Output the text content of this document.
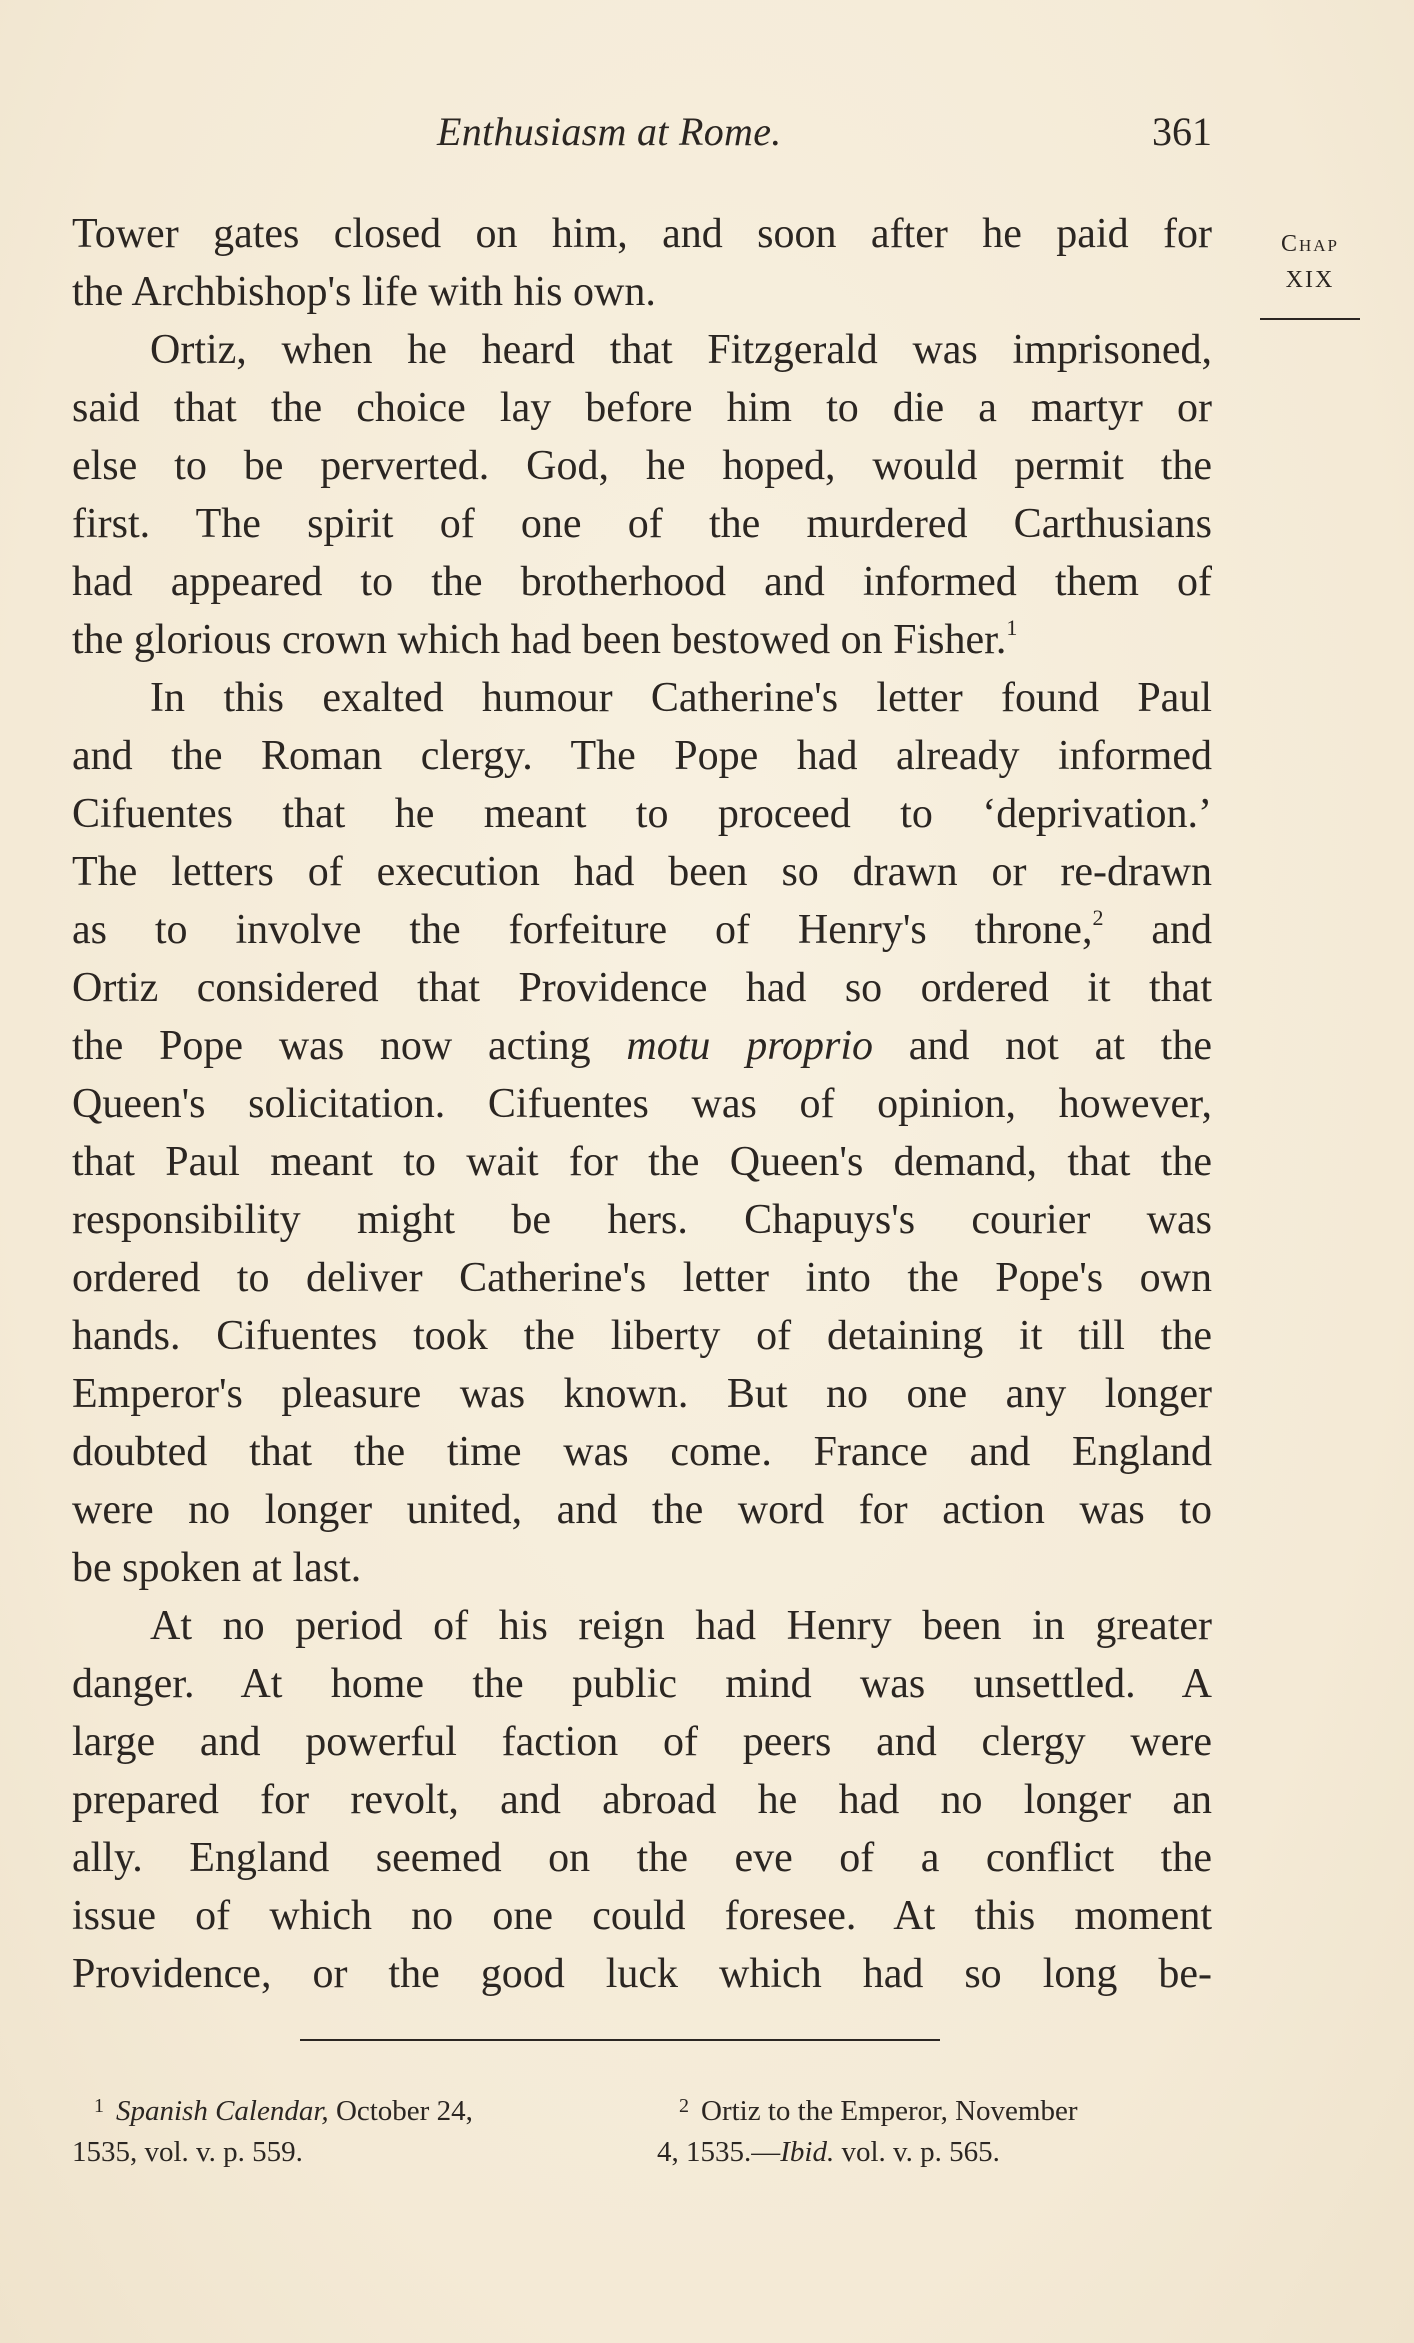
Enthusiasm at Rome.	361
Chap
XIX
Tower gates closed on him, and soon after he paid for
the Archbishop's life with his own.
Ortiz, when he heard that Fitzgerald was imprisoned,
said that the choice lay before him to die a martyr or
else to be perverted. God, he hoped, would permit the
first. The spirit of one of the murdered Carthusians
had appeared to the brotherhood and informed them of
the glorious crown which had been bestowed on Fisher.$^1$
In this exalted humour Catherine's letter found Paul
and the Roman clergy. The Pope had already informed
Cifuentes that he meant to proceed to ‘deprivation.’
The letters of execution had been so drawn or re-drawn
as to involve the forfeiture of Henry's throne,$^2$ and
Ortiz considered that Providence had so ordered it that
the Pope was now acting motu proprio and not at the
Queen's solicitation. Cifuentes was of opinion, however,
that Paul meant to wait for the Queen's demand, that the
responsibility might be hers. Chapuys's courier was
ordered to deliver Catherine's letter into the Pope's own
hands. Cifuentes took the liberty of detaining it till the
Emperor's pleasure was known. But no one any longer
doubted that the time was come. France and England
were no longer united, and the word for action was to
be spoken at last.
At no period of his reign had Henry been in greater
danger. At home the public mind was unsettled. A
large and powerful faction of peers and clergy were
prepared for revolt, and abroad he had no longer an
ally. England seemed on the eve of a conflict the
issue of which no one could foresee. At this moment
Providence, or the good luck which had so long be-
$^1$ Spanish Calendar, October 24,
1535, vol. v. p. 559.
$^2$ Ortiz to the Emperor, November
4, 1535.—Ibid. vol. v. p. 565.
